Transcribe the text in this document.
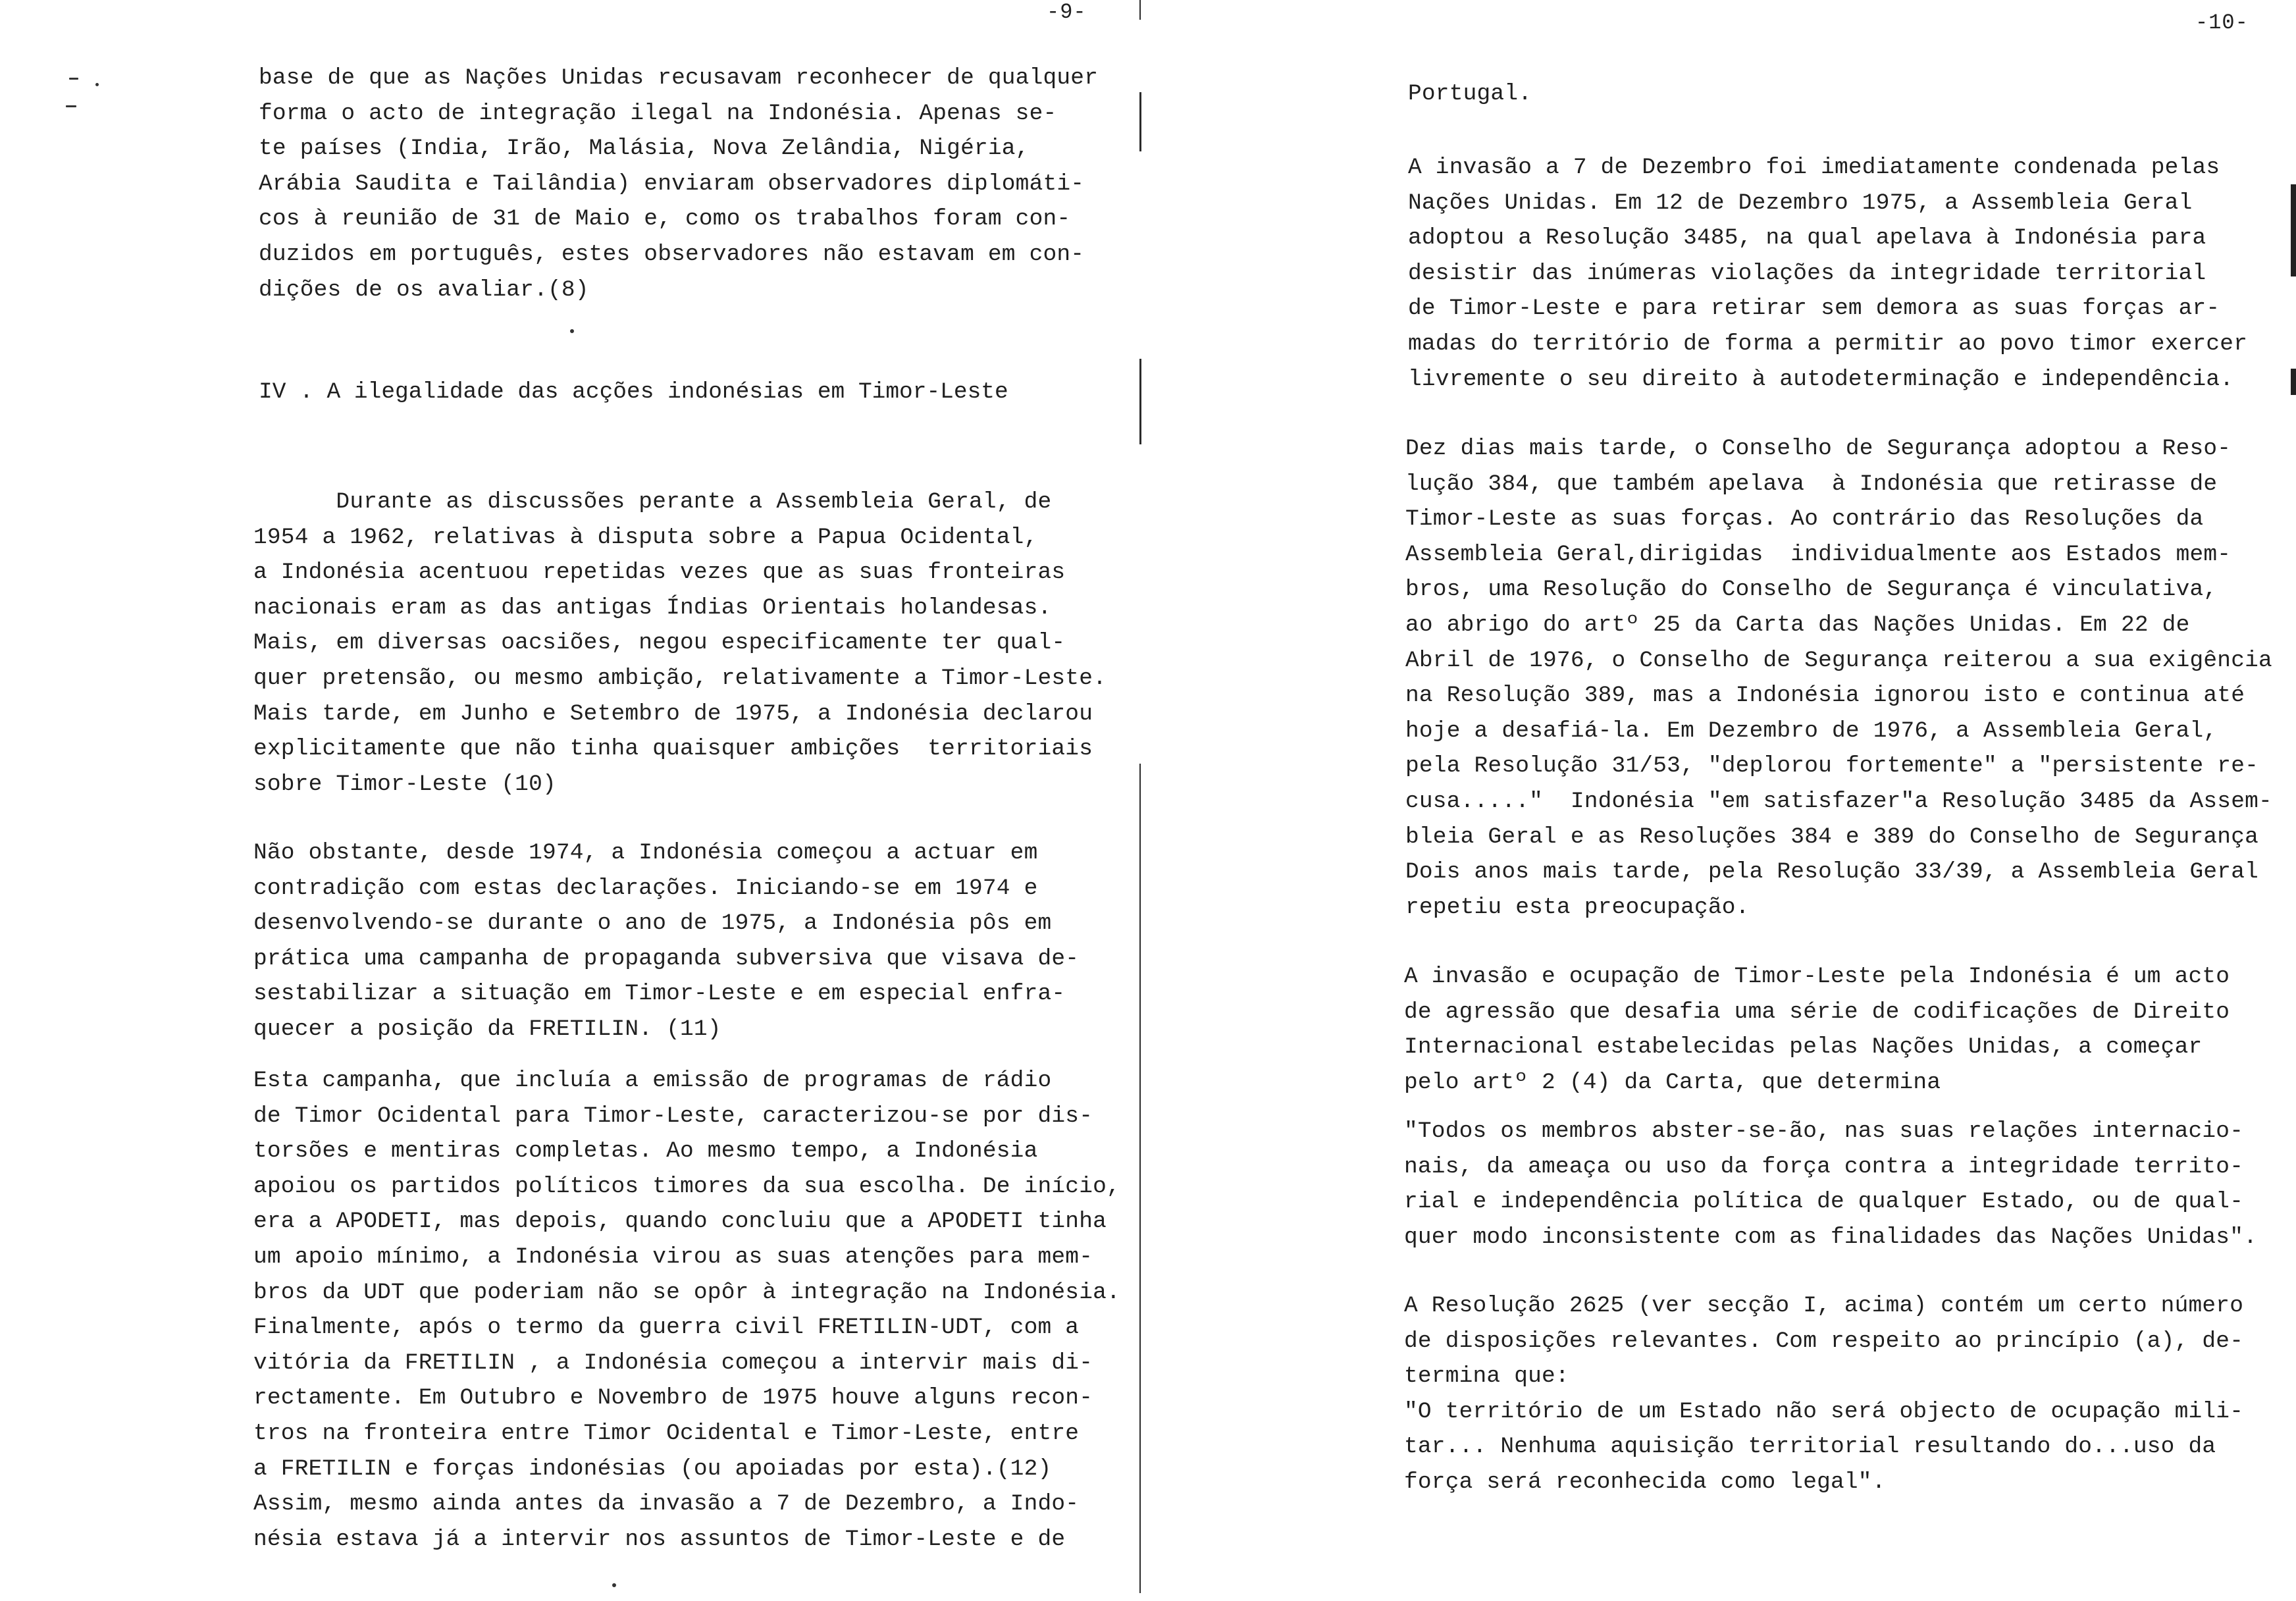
-9-
base de que as Nações Unidas recusavam reconhecer de qualquer
forma o acto de integração ilegal na Indonésia. Apenas se-
te países (India, Irão, Malásia, Nova Zelândia, Nigéria,
Arábia Saudita e Tailândia) enviaram observadores diplomáti-
cos à reunião de 31 de Maio e, como os trabalhos foram con-
duzidos em português, estes observadores não estavam em con-
dições de os avaliar.(8)
IV . A ilegalidade das acções indonésias em Timor-Leste
Durante as discussões perante a Assembleia Geral, de
1954 a 1962, relativas à disputa sobre a Papua Ocidental,
a Indonésia acentuou repetidas vezes que as suas fronteiras
nacionais eram as das antigas Índias Orientais holandesas.
Mais, em diversas oacsiões, negou especificamente ter qual-
quer pretensão, ou mesmo ambição, relativamente a Timor-Leste.
Mais tarde, em Junho e Setembro de 1975, a Indonésia declarou
explicitamente que não tinha quaisquer ambições  territoriais
sobre Timor-Leste (10)
Não obstante, desde 1974, a Indonésia começou a actuar em
contradição com estas declarações. Iniciando-se em 1974 e
desenvolvendo-se durante o ano de 1975, a Indonésia pôs em
prática uma campanha de propaganda subversiva que visava de-
sestabilizar a situação em Timor-Leste e em especial enfra-
quecer a posição da FRETILIN. (11)
Esta campanha, que incluía a emissão de programas de rádio
de Timor Ocidental para Timor-Leste, caracterizou-se por dis-
torsões e mentiras completas. Ao mesmo tempo, a Indonésia
apoiou os partidos políticos timores da sua escolha. De início,
era a APODETI, mas depois, quando concluiu que a APODETI tinha
um apoio mínimo, a Indonésia virou as suas atenções para mem-
bros da UDT que poderiam não se opôr à integração na Indonésia.
Finalmente, após o termo da guerra civil FRETILIN-UDT, com a
vitória da FRETILIN , a Indonésia começou a intervir mais di-
rectamente. Em Outubro e Novembro de 1975 houve alguns recon-
tros na fronteira entre Timor Ocidental e Timor-Leste, entre
a FRETILIN e forças indonésias (ou apoiadas por esta).(12)
Assim, mesmo ainda antes da invasão a 7 de Dezembro, a Indo-
nésia estava já a intervir nos assuntos de Timor-Leste e de
-10-
Portugal.
A invasão a 7 de Dezembro foi imediatamente condenada pelas
Nações Unidas. Em 12 de Dezembro 1975, a Assembleia Geral
adoptou a Resolução 3485, na qual apelava à Indonésia para
desistir das inúmeras violações da integridade territorial
de Timor-Leste e para retirar sem demora as suas forças ar-
madas do território de forma a permitir ao povo timor exercer
livremente o seu direito à autodeterminação e independência.
Dez dias mais tarde, o Conselho de Segurança adoptou a Reso-
lução 384, que também apelava  à Indonésia que retirasse de
Timor-Leste as suas forças. Ao contrário das Resoluções da
Assembleia Geral,dirigidas  individualmente aos Estados mem-
bros, uma Resolução do Conselho de Segurança é vinculativa,
ao abrigo do artº 25 da Carta das Nações Unidas. Em 22 de
Abril de 1976, o Conselho de Segurança reiterou a sua exigência
na Resolução 389, mas a Indonésia ignorou isto e continua até
hoje a desafiá-la. Em Dezembro de 1976, a Assembleia Geral,
pela Resolução 31/53, "deplorou fortemente" a "persistente re-
cusa....."  Indonésia "em satisfazer"a Resolução 3485 da Assem-
bleia Geral e as Resoluções 384 e 389 do Conselho de Segurança
Dois anos mais tarde, pela Resolução 33/39, a Assembleia Geral
repetiu esta preocupação.
A invasão e ocupação de Timor-Leste pela Indonésia é um acto
de agressão que desafia uma série de codificações de Direito
Internacional estabelecidas pelas Nações Unidas, a começar
pelo artº 2 (4) da Carta, que determina
"Todos os membros abster-se-ão, nas suas relações internacio-
nais, da ameaça ou uso da força contra a integridade territo-
rial e independência política de qualquer Estado, ou de qual-
quer modo inconsistente com as finalidades das Nações Unidas".
A Resolução 2625 (ver secção I, acima) contém um certo número
de disposições relevantes. Com respeito ao princípio (a), de-
termina que:
"O território de um Estado não será objecto de ocupação mili-
tar... Nenhuma aquisição territorial resultando do...uso da
força será reconhecida como legal".
